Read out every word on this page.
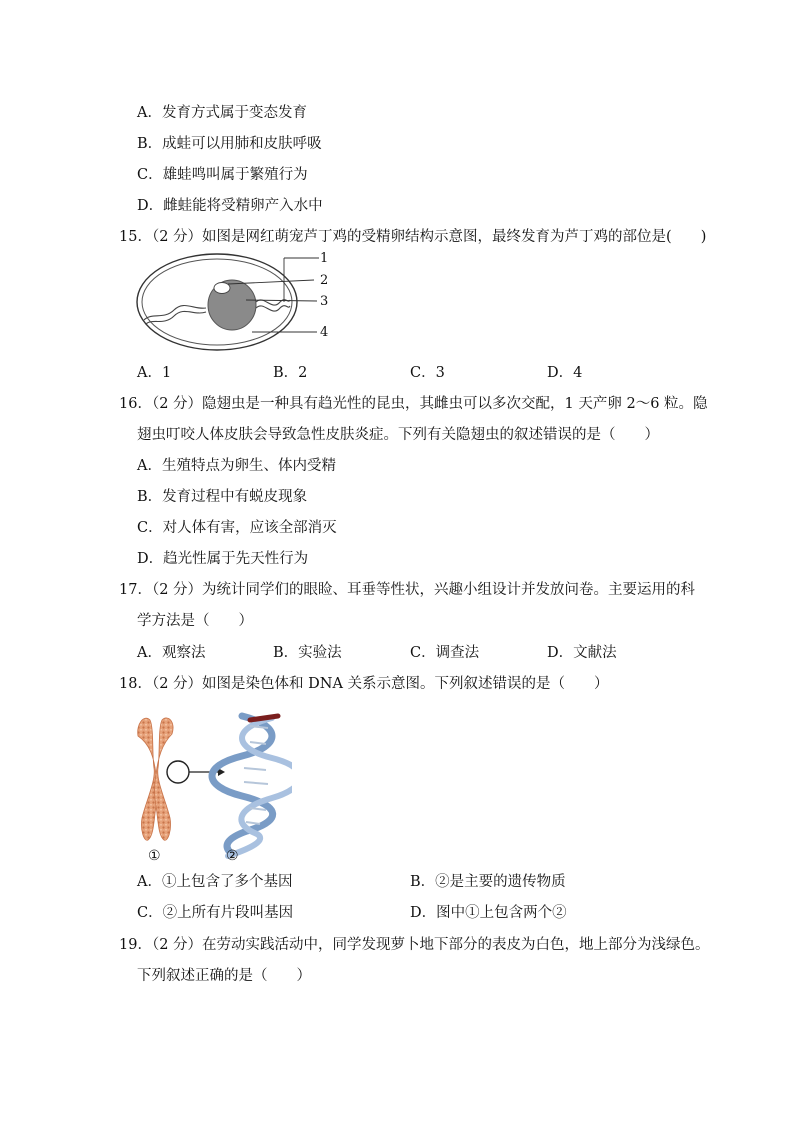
A．发育方式属于变态发育
B．成蛙可以用肺和皮肤呼吸
C．雄蛙鸣叫属于繁殖行为
D．雌蛙能将受精卵产入水中
15．（2 分）如图是网红萌宠芦丁鸡的受精卵结构示意图，最终发育为芦丁鸡的部位是(　　)
1
2
3
4
A．1	B．2	C．3	D．4
16．（2 分）隐翅虫是一种具有趋光性的昆虫，其雌虫可以多次交配，1 天产卵 2～6 粒。隐
翅虫叮咬人体皮肤会导致急性皮肤炎症。下列有关隐翅虫的叙述错误的是（　　）
A．生殖特点为卵生、体内受精
B．发育过程中有蜕皮现象
C．对人体有害，应该全部消灭
D．趋光性属于先天性行为
17．（2 分）为统计同学们的眼睑、耳垂等性状，兴趣小组设计并发放问卷。主要运用的科
学方法是（　　）
A．观察法	B．实验法	C．调查法	D．文献法
18．（2 分）如图是染色体和 DNA 关系示意图。下列叙述错误的是（　　）
①	②
A．①上包含了多个基因	B．②是主要的遗传物质
C．②上所有片段叫基因	D．图中①上包含两个②
19．（2 分）在劳动实践活动中，同学发现萝卜地下部分的表皮为白色，地上部分为浅绿色。
下列叙述正确的是（　　）
